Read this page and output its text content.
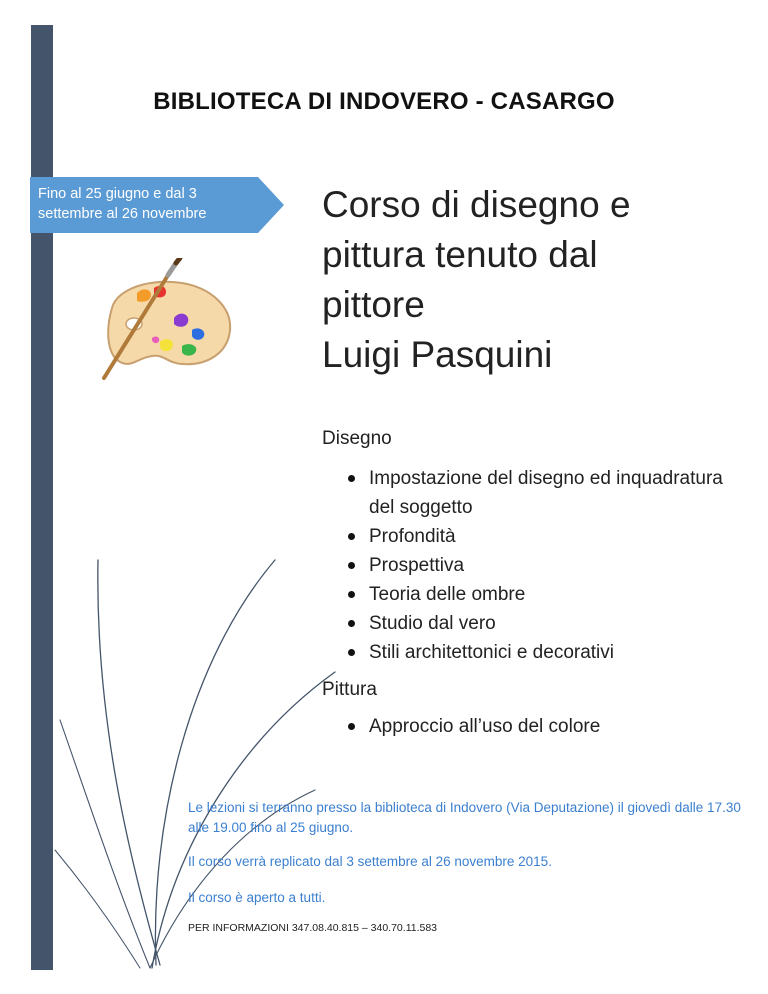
BIBLIOTECA DI INDOVERO - CASARGO
Fino al 25 giugno e dal 3 settembre al 26 novembre	Corso di disegno e
pittura tenuto dal
pittore
Luigi Pasquini
Disegno
Impostazione del disegno ed inquadratura del soggetto
Profondità
Prospettiva
Teoria delle ombre
Studio dal vero
Stili architettonici e decorativi
Pittura
Approccio all’uso del colore
Le lezioni si terranno presso la biblioteca di Indovero (Via Deputazione) il giovedì dalle 17.30 alle 19.00 fino al 25 giugno.
Il corso verrà replicato dal 3 settembre al 26 novembre 2015.
Il corso è aperto a tutti.
PER INFORMAZIONI 347.08.40.815 – 340.70.11.583
